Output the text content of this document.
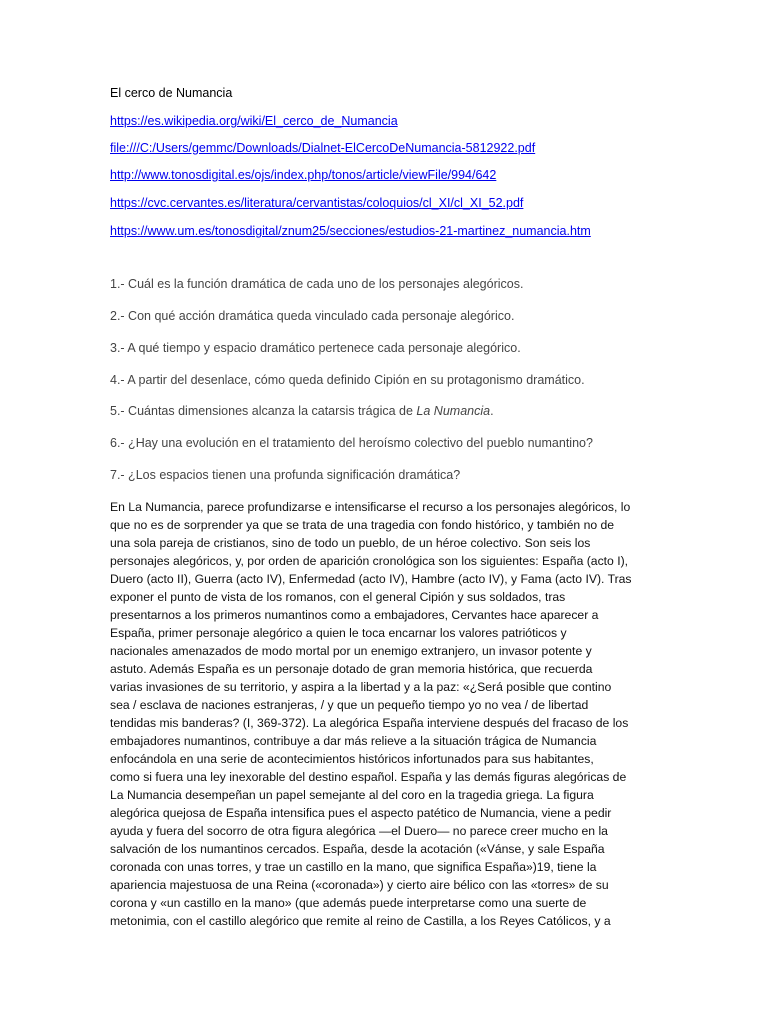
El cerco de Numancia
https://es.wikipedia.org/wiki/El_cerco_de_Numancia
file:///C:/Users/gemmc/Downloads/Dialnet-ElCercoDeNumancia-5812922.pdf
http://www.tonosdigital.es/ojs/index.php/tonos/article/viewFile/994/642
https://cvc.cervantes.es/literatura/cervantistas/coloquios/cl_XI/cl_XI_52.pdf
https://www.um.es/tonosdigital/znum25/secciones/estudios-21-martinez_numancia.htm
1.- Cuál es la función dramática de cada uno de los personajes alegóricos.
2.- Con qué acción dramática queda vinculado cada personaje alegórico.
3.- A qué tiempo y espacio dramático pertenece cada personaje alegórico.
4.- A partir del desenlace, cómo queda definido Cipión en su protagonismo dramático.
5.- Cuántas dimensiones alcanza la catarsis trágica de La Numancia.
6.- ¿Hay una evolución en el tratamiento del heroísmo colectivo del pueblo numantino?
7.- ¿Los espacios tienen una profunda significación dramática?
En La Numancia, parece profundizarse e intensificarse el recurso a los personajes alegóricos, lo
que no es de sorprender ya que se trata de una tragedia con fondo histórico, y también no de
una sola pareja de cristianos, sino de todo un pueblo, de un héroe colectivo. Son seis los
personajes alegóricos, y, por orden de aparición cronológica son los siguientes: España (acto I),
Duero (acto II), Guerra (acto IV), Enfermedad (acto IV), Hambre (acto IV), y Fama (acto IV). Tras
exponer el punto de vista de los romanos, con el general Cipión y sus soldados, tras
presentarnos a los primeros numantinos como a embajadores, Cervantes hace aparecer a
España, primer personaje alegórico a quien le toca encarnar los valores patrióticos y
nacionales amenazados de modo mortal por un enemigo extranjero, un invasor potente y
astuto. Además España es un personaje dotado de gran memoria histórica, que recuerda
varias invasiones de su territorio, y aspira a la libertad y a la paz: «¿Será posible que contino
sea / esclava de naciones estranjeras, / y que un pequeño tiempo yo no vea / de libertad
tendidas mis banderas? (I, 369-372). La alegórica España interviene después del fracaso de los
embajadores numantinos, contribuye a dar más relieve a la situación trágica de Numancia
enfocándola en una serie de acontecimientos históricos infortunados para sus habitantes,
como si fuera una ley inexorable del destino español. España y las demás figuras alegóricas de
La Numancia desempeñan un papel semejante al del coro en la tragedia griega. La figura
alegórica quejosa de España intensifica pues el aspecto patético de Numancia, viene a pedir
ayuda y fuera del socorro de otra figura alegórica —el Duero— no parece creer mucho en la
salvación de los numantinos cercados. España, desde la acotación («Vánse, y sale España
coronada con unas torres, y trae un castillo en la mano, que significa España»)19, tiene la
apariencia majestuosa de una Reina («coronada») y cierto aire bélico con las «torres» de su
corona y «un castillo en la mano» (que además puede interpretarse como una suerte de
metonimia, con el castillo alegórico que remite al reino de Castilla, a los Reyes Católicos, y a
